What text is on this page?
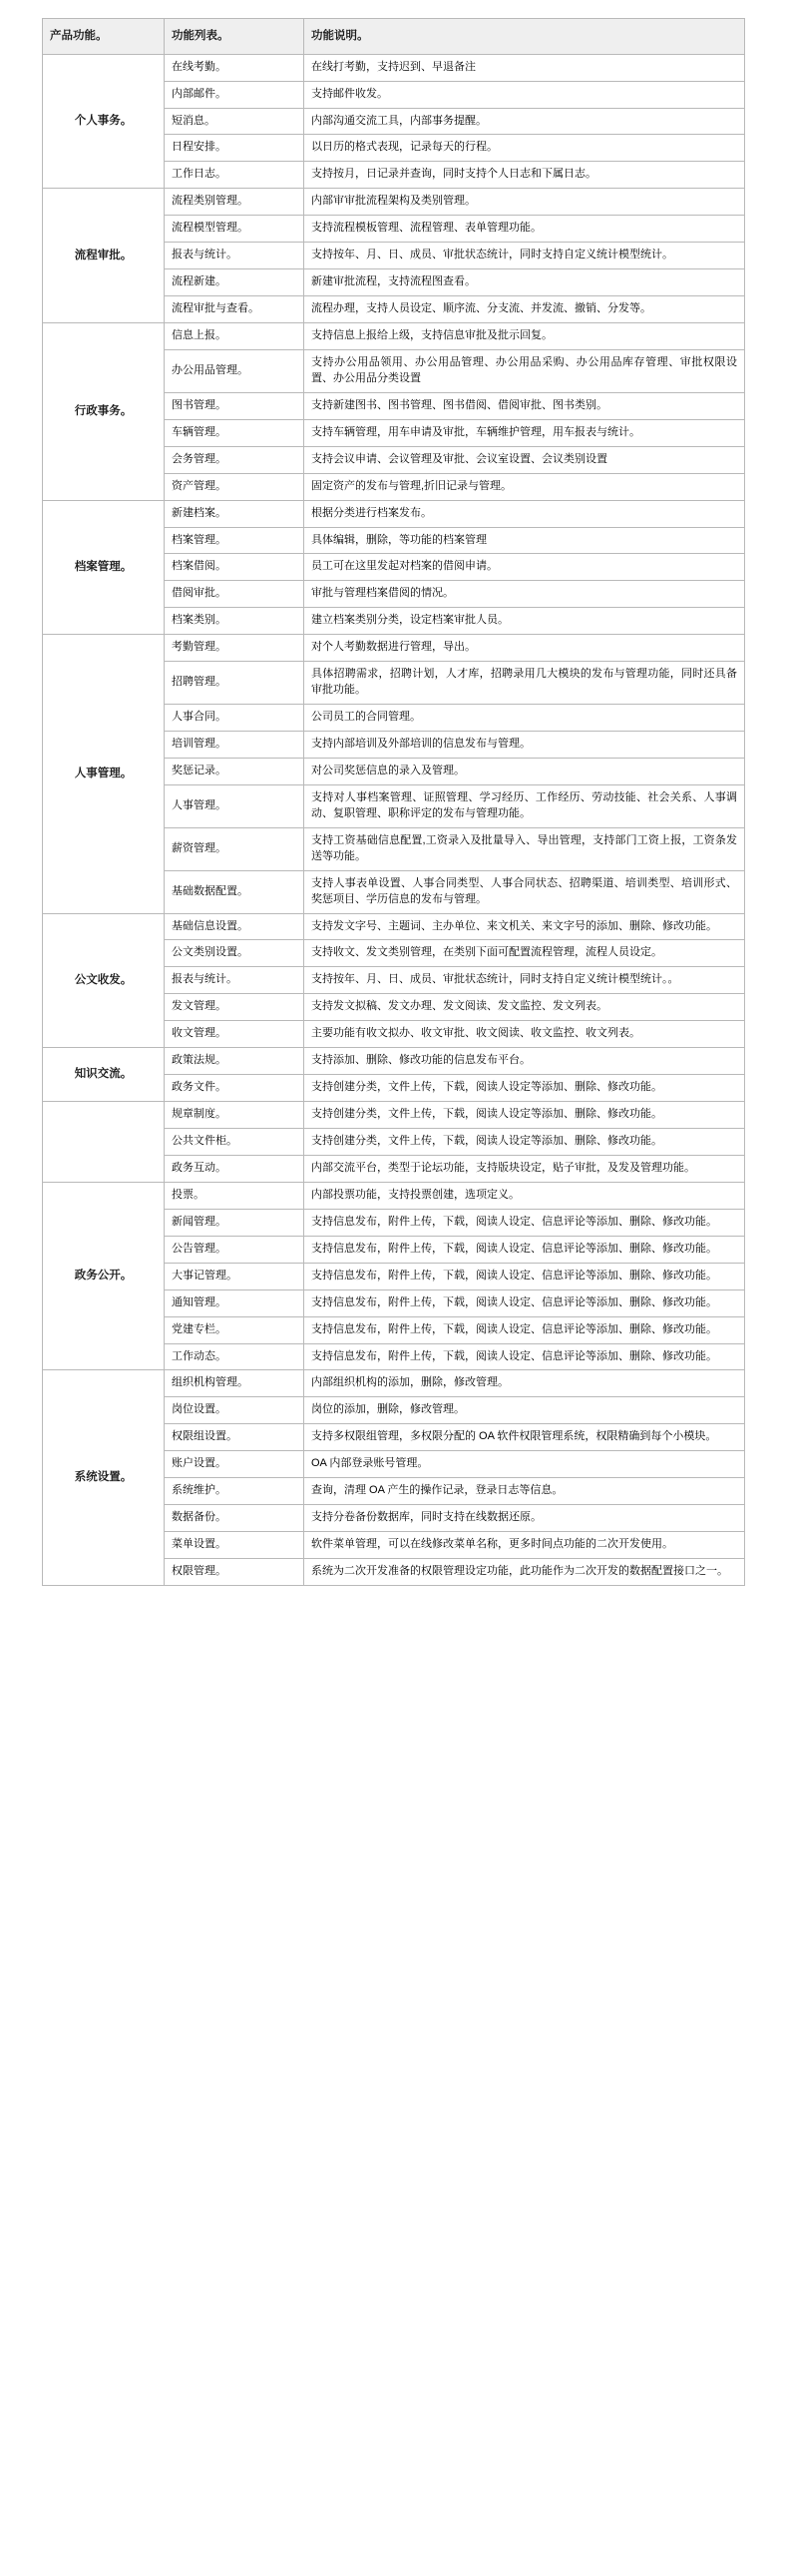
产品功能。	功能列表。	功能说明。
个人事务。	在线考勤。	在线打考勤，支持迟到、早退备注
	内部邮件。	支持邮件收发。
	短消息。	内部沟通交流工具，内部事务提醒。
	日程安排。	以日历的格式表现，记录每天的行程。
	工作日志。	支持按月，日记录并查询，同时支持个人日志和下属日志。
流程审批。	流程类别管理。	内部审审批流程架构及类别管理。
	流程模型管理。	支持流程模板管理、流程管理、表单管理功能。
	报表与统计。	支持按年、月、日、成员、审批状态统计，同时支持自定义统计模型统计。
	流程新建。	新建审批流程，支持流程图查看。
	流程审批与查看。	流程办理，支持人员设定、顺序流、分支流、并发流、撤销、分发等。
行政事务。	信息上报。	支持信息上报给上级，支持信息审批及批示回复。
	办公用品管理。	支持办公用品领用、办公用品管理、办公用品采购、办公用品库存管理、审批权限设置、办公用品分类设置
	图书管理。	支持新建图书、图书管理、图书借阅、借阅审批、图书类别。
	车辆管理。	支持车辆管理，用车申请及审批，车辆维护管理，用车报表与统计。
	会务管理。	支持会议申请、会议管理及审批、会议室设置、会议类别设置
	资产管理。	固定资产的发布与管理,折旧记录与管理。
档案管理。	新建档案。	根据分类进行档案发布。
	档案管理。	具体编辑，删除，等功能的档案管理
	档案借阅。	员工可在这里发起对档案的借阅申请。
	借阅审批。	审批与管理档案借阅的情况。
	档案类别。	建立档案类别分类，设定档案审批人员。
人事管理。	考勤管理。	对个人考勤数据进行管理，导出。
	招聘管理。	具体招聘需求，招聘计划，人才库，招聘录用几大模块的发布与管理功能，同时还具备审批功能。
	人事合同。	公司员工的合同管理。
	培训管理。	支持内部培训及外部培训的信息发布与管理。
	奖惩记录。	对公司奖惩信息的录入及管理。
	人事管理。	支持对人事档案管理、证照管理、学习经历、工作经历、劳动技能、社会关系、人事调动、复职管理、职称评定的发布与管理功能。
	薪资管理。	支持工资基础信息配置,工资录入及批量导入、导出管理，支持部门工资上报，工资条发送等功能。
	基础数据配置。	支持人事表单设置、人事合同类型、人事合同状态、招聘渠道、培训类型、培训形式、奖惩项目、学历信息的发布与管理。
公文收发。	基础信息设置。	支持发文字号、主题词、主办单位、来文机关、来文字号的添加、删除、修改功能。
	公文类别设置。	支持收文、发文类别管理，在类别下面可配置流程管理，流程人员设定。
	报表与统计。	支持按年、月、日、成员、审批状态统计，同时支持自定义统计模型统计。。
	发文管理。	支持发文拟稿、发文办理、发文阅读、发文监控、发文列表。
	收文管理。	主要功能有收文拟办、收文审批、收文阅读、收文监控、收文列表。
知识交流。	政策法规。	支持添加、删除、修改功能的信息发布平台。
	政务文件。	支持创建分类，文件上传，下载，阅读人设定等添加、删除、修改功能。
	规章制度。	支持创建分类，文件上传，下载，阅读人设定等添加、删除、修改功能。
	公共文件柜。	支持创建分类，文件上传，下载，阅读人设定等添加、删除、修改功能。
	政务互动。	内部交流平台，类型于论坛功能，支持版块设定，贴子审批，及发及管理功能。
政务公开。	投票。	内部投票功能，支持投票创建，选项定义。
	新闻管理。	支持信息发布，附件上传，下载，阅读人设定、信息评论等添加、删除、修改功能。
	公告管理。	支持信息发布，附件上传，下载，阅读人设定、信息评论等添加、删除、修改功能。
	大事记管理。	支持信息发布，附件上传，下载，阅读人设定、信息评论等添加、删除、修改功能。
	通知管理。	支持信息发布，附件上传，下载，阅读人设定、信息评论等添加、删除、修改功能。
	党建专栏。	支持信息发布，附件上传，下载，阅读人设定、信息评论等添加、删除、修改功能。
	工作动态。	支持信息发布，附件上传，下载，阅读人设定、信息评论等添加、删除、修改功能。
系统设置。	组织机构管理。	内部组织机构的添加，删除，修改管理。
	岗位设置。	岗位的添加，删除，修改管理。
	权限组设置。	支持多权限组管理，多权限分配的 OA 软件权限管理系统，权限精确到每个小模块。
	账户设置。	OA 内部登录账号管理。
	系统维护。	查询，清理 OA 产生的操作记录，登录日志等信息。
	数据备份。	支持分卷备份数据库，同时支持在线数据还原。
	菜单设置。	软件菜单管理，可以在线修改菜单名称，更多时间点功能的二次开发使用。
	权限管理。	系统为二次开发准备的权限管理设定功能，此功能作为二次开发的数据配置接口之一。
